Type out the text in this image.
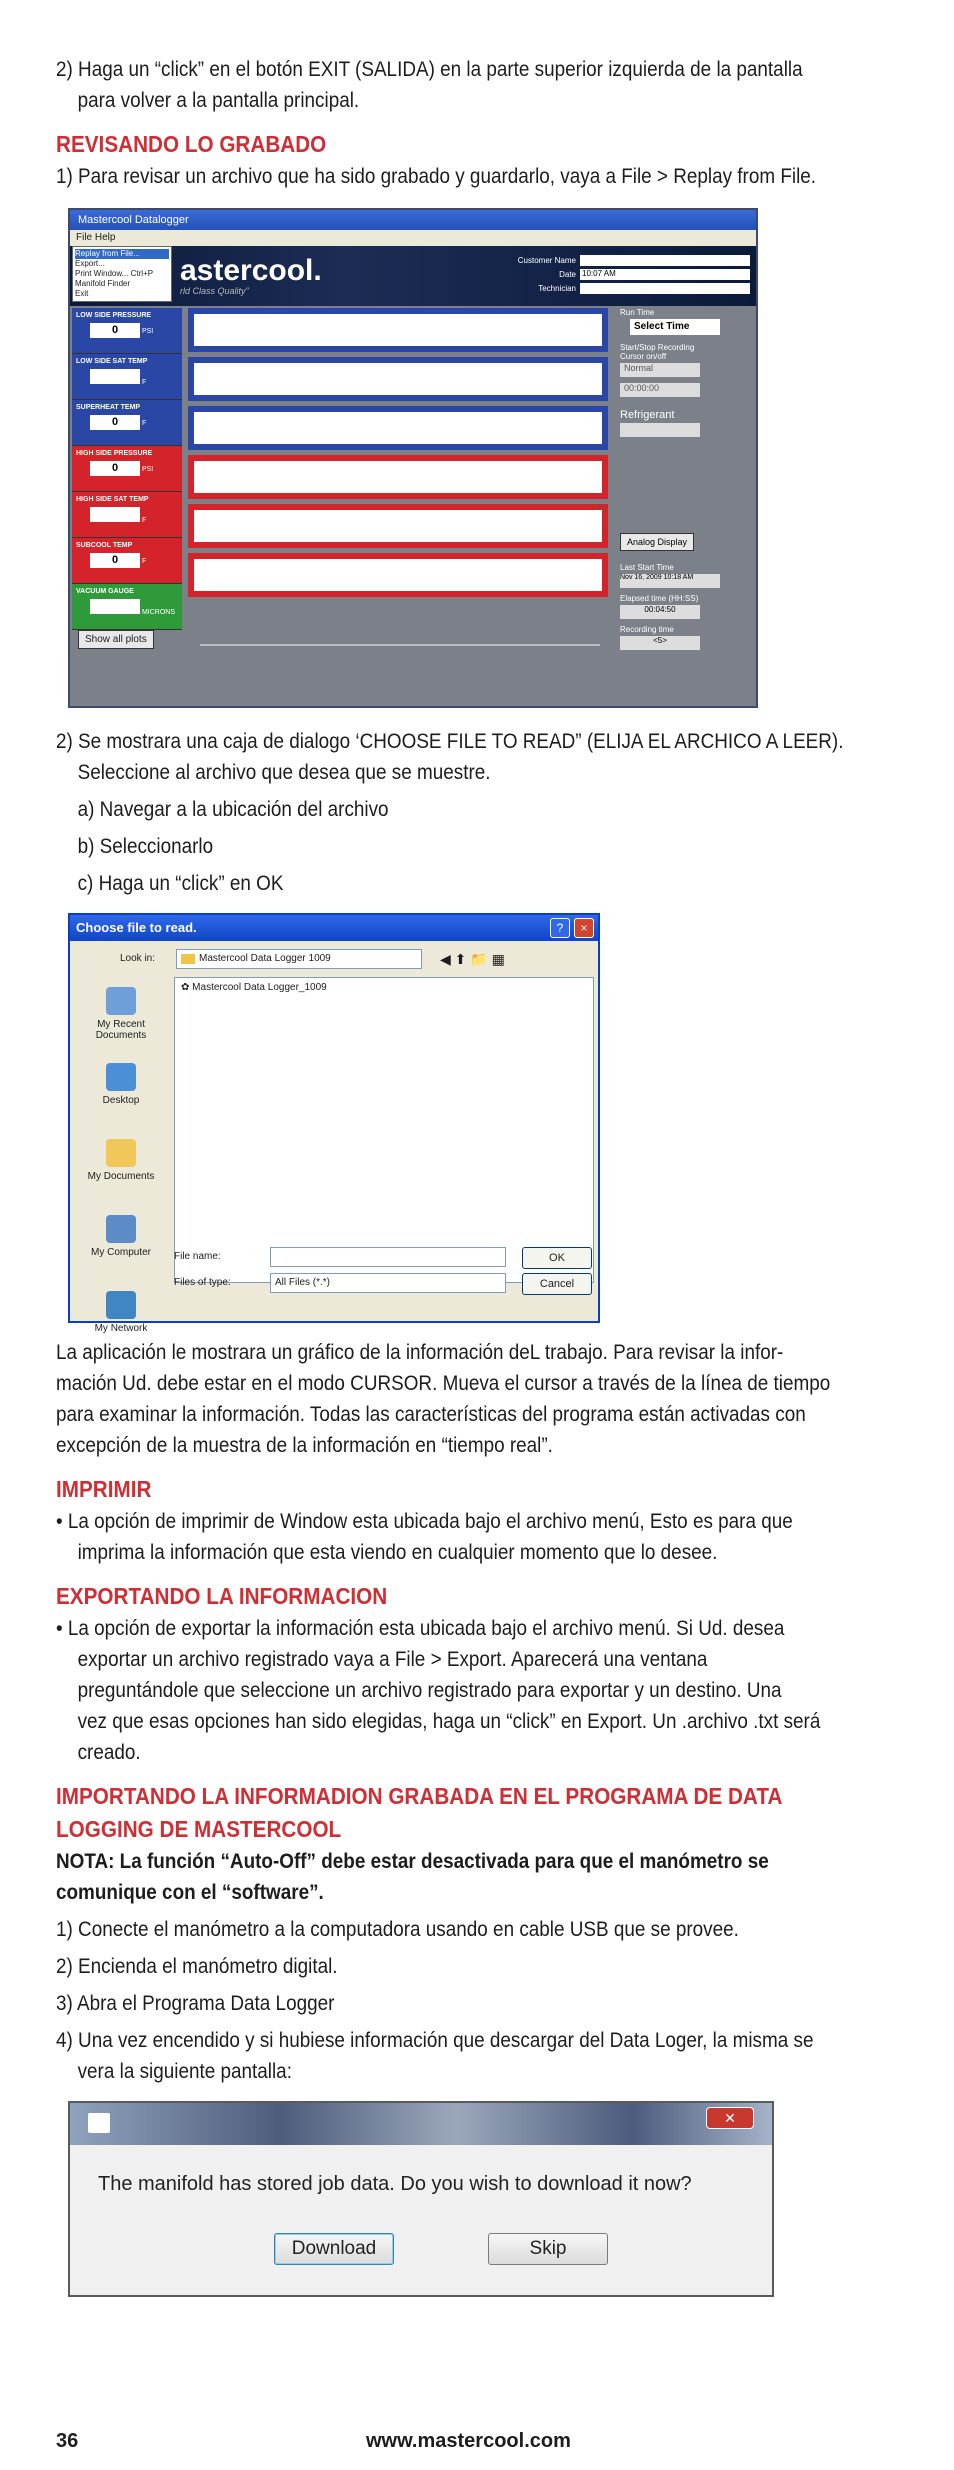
2) Haga un “click” en el botón EXIT (SALIDA) en la parte superior izquierda de la pantalla
para volver a la pantalla principal.
REVISANDO LO GRABADO
1) Para revisar un archivo que ha sido grabado y guardarlo, vaya a File > Replay from File.
Mastercool Datalogger
File Help
astercool.
rld Class Quality”
Customer Name
Date 10:07 AM
Technician
Replay from File...
Export...
Print Window... Ctrl+P
Manifold Finder
Exit
LOW SIDE PRESSURE
0	PSI
LOW SIDE SAT TEMP
F
SUPERHEAT TEMP
0	F
HIGH SIDE PRESSURE
0	PSI
HIGH SIDE SAT TEMP
F
SUBCOOL TEMP
0	F
VACUUM GAUGE
MICRONS
Run Time
Select Time
Start/Stop Recording
Cursor on/off
Normal
00:00:00
Refrigerant
Analog Display
Last Start Time
Nov 16, 2009 10:18 AM
Elapsed time (HH:SS)
00:04:50
Recording time
<5>
Show all plots
2) Se mostrara una caja de dialogo ‘CHOOSE FILE TO READ” (ELIJA EL ARCHICO A LEER).
Seleccione al archivo que desea que se muestre.
a) Navegar a la ubicación del archivo
b) Seleccionarlo
c) Haga un “click” en OK
Choose file to read.	?	×
Look in:	Mastercool Data Logger 1009	◀ ⬆ 📁 ▦
My Recent Documents
Desktop
My Documents
My Computer
My Network
✿ Mastercool Data Logger_1009
File name:
Files of type:	All Files (*.*)
OK
Cancel
La aplicación le mostrara un gráfico de la información deL trabajo. Para revisar la infor-
mación Ud. debe estar en el modo CURSOR. Mueva el cursor a través de la línea de tiempo
para examinar la información. Todas las características del programa están activadas con
excepción de la muestra de la información en “tiempo real”.
IMPRIMIR
• La opción de imprimir de Window esta ubicada bajo el archivo menú, Esto es para que
imprima la información que esta viendo en cualquier momento que lo desee.
EXPORTANDO LA INFORMACION
• La opción de exportar la información esta ubicada bajo el archivo menú. Si Ud. desea
exportar un archivo registrado vaya a File > Export. Aparecerá una ventana
preguntándole que seleccione un archivo registrado para exportar y un destino. Una
vez que esas opciones han sido elegidas, haga un “click” en Export. Un .archivo .txt será
creado.
IMPORTANDO LA INFORMADION GRABADA EN EL PROGRAMA DE DATA
LOGGING DE MASTERCOOL
NOTA: La función “Auto-Off” debe estar desactivada para que el manómetro se
comunique con el “software”.
1) Conecte el manómetro a la computadora usando en cable USB que se provee.
2) Encienda el manómetro digital.
3) Abra el Programa Data Logger
4) Una vez encendido y si hubiese información que descargar del Data Loger, la misma se
vera la siguiente pantalla:
✕
The manifold has stored job data. Do you wish to download it now?
Download	Skip
36	www.mastercool.com
